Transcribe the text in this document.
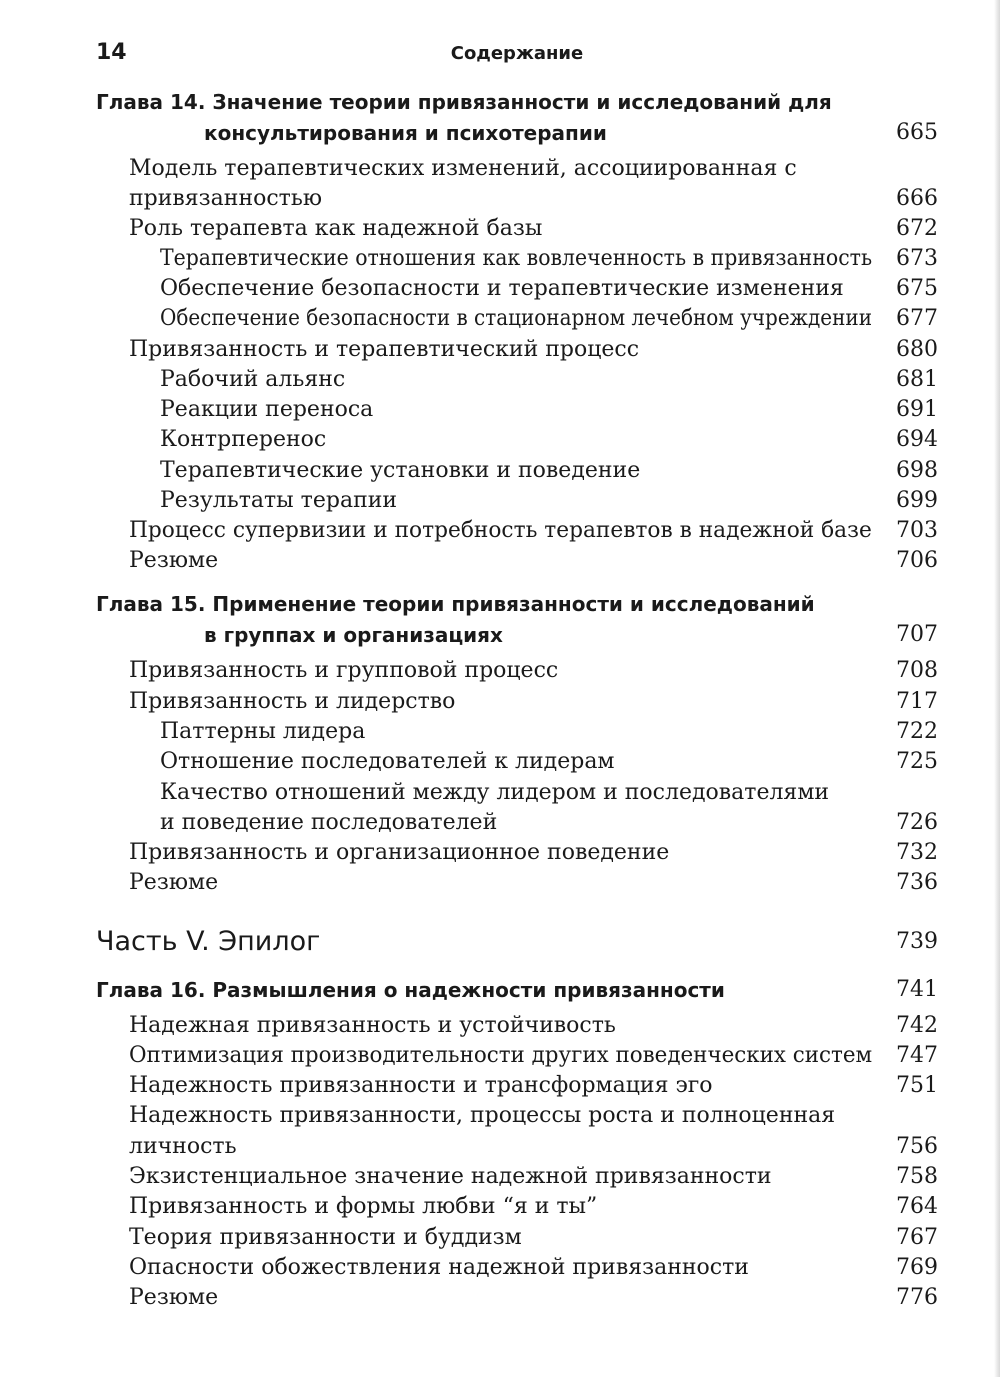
14	Содержание
Глава 14. Значение теории привязанности и исследований для
консультирования и психотерапии	665
Модель терапевтических изменений, ассоциированная с
привязанностью	666
Роль терапевта как надежной базы	672
Терапевтические отношения как вовлеченность в привязанность 673
Обеспечение безопасности и терапевтические изменения 675
Обеспечение безопасности в стационарном лечебном учреждении 677
Привязанность и терапевтический процесс	680
Рабочий альянс	681
Реакции переноса	691
Контрперенос	694
Терапевтические установки и поведение	698
Результаты терапии	699
Процесс супервизии и потребность терапевтов в надежной базе 703
Резюме	706
Глава 15. Применение теории привязанности и исследований
в группах и организациях	707
Привязанность и групповой процесс	708
Привязанность и лидерство	717
Паттерны лидера	722
Отношение последователей к лидерам	725
Качество отношений между лидером и последователями
и поведение последователей	726
Привязанность и организационное поведение	732
Резюме	736
Часть V. Эпилог	739
Глава 16. Размышления о надежности привязанности	741
Надежная привязанность и устойчивость	742
Оптимизация производительности других поведенческих систем 747
Надежность привязанности и трансформация эго	751
Надежность привязанности, процессы роста и полноценная
личность	756
Экзистенциальное значение надежной привязанности	758
Привязанность и формы любви “я и ты”	764
Теория привязанности и буддизм	767
Опасности обожествления надежной привязанности	769
Резюме	776
